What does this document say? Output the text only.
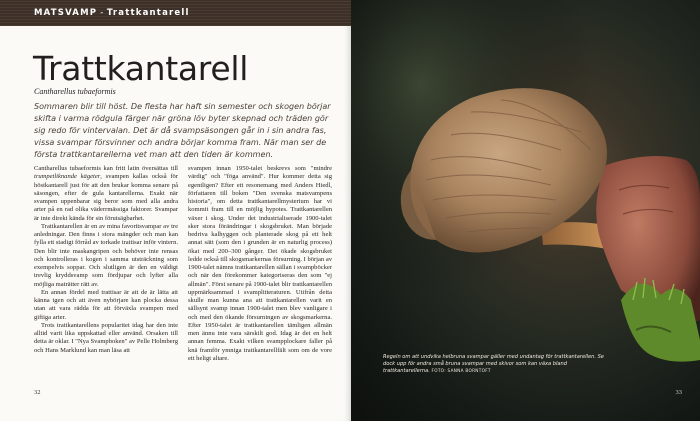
MATSVAMP - Trattkantarell
Trattkantarell
Cantharellus tubaeformis

Sommaren blir till höst. De flesta har haft sin semester och skogen börjar skifta i varma rödgula färger när gröna löv byter skepnad och träden gör sig redo för vintervalan. Det är då svampsäsongen går in i sin andra fas, vissa svampar försvinner och andra börjar komma fram. När man ser de första trattkantarellerna vet man att den tiden är kommen.

Cantharellus tubaeformis kan fritt latin översättas till trumpetliknande kägeter, svampen kallas också för höstkantarell just för att den brukar komma senare på säsongen, efter de gula kantarellerna. Exakt när svampen uppenbarar sig beror som med alla andra arter på en rad olika väderrmässiga faktorer. Svampar är inte direkt kända för sin förutsägbarhet.

Trattkantarellen är en av mina favoritsvampar av tre anledningar. Den finns i stora mängder och man kan fylla ett stadigt förråd av torkade trattisar inför vintern. Den blir inte maskangripen och behöver inte rensas och kontrolleras i kogen i samma utsträckning som exempelvis soppar. Och slutligen är den en väldigt trevlig kryddsvamp som fördjupar och lyfter alla möjliga maträtter rätt av.

En annan fördel med trattisar är att de är lätta att känna igen och att även nybörjare kan plocka dessa utan att vara rädda för att förväxla svampen med giftiga arter.

Trots trattkantarellens popularitet idag har den inte alltid varit lika uppskattad eller använd. Orsaken till detta är oklar. I "Nya Svampboken" av Pelle Holmberg och Hans Marklund kan man läsa att

svampen innan 1950-talet beskrevs som "mindre värdig" och "föga använd". Hur kommer detta sig egentligen? Efter ett resonemang med Anders Hiedl, författaren till boken "Den svenska matsvampens historia", om detta trattkantarellmysterium har vi kommit fram till en möjlig hypotes. Trattkantarellen växer i skog. Under det industrialiserade 1900-talet sker stora förändringar i skogsbruket. Man började bedriva kalhyggen och planterade skog på ett helt annat sätt (som den i grunden är en naturlig process) ökat med 200–300 gånger. Det ökade skogsbruket ledde också till skogsmarkernas försurning. I början av 1900-talet nämns trattkantarellen sällan i svampböcker och när den förekommer kategoriseras den som "ej allmän". Först senare på 1900-talet blir trattkantarellen uppmärksammad i svamplitteraturen. Utifrån detta skulle man kunna ana att trattkantarellen varit en sällsynt svamp innan 1900-talet men blev vanligare i och med den ökande försurningen av skogsmarkerna. Efter 1950-talet är trattkantarellen tämligen allmän men ännu inte vara särskilt god. Idag är det en helt annan femma. Exakt vilken svampplockare faller på knä framför ymniga trattkantarellfält som om de vore ett heligt altare.

32
Regeln om att undvika helbruna svampar gäller med undantag för trattkantarellen. Se dock upp för andra små bruna svampar med skivor som kan växa bland trattkantarellerna. FOTO: SANNA BORNTOFT
33
